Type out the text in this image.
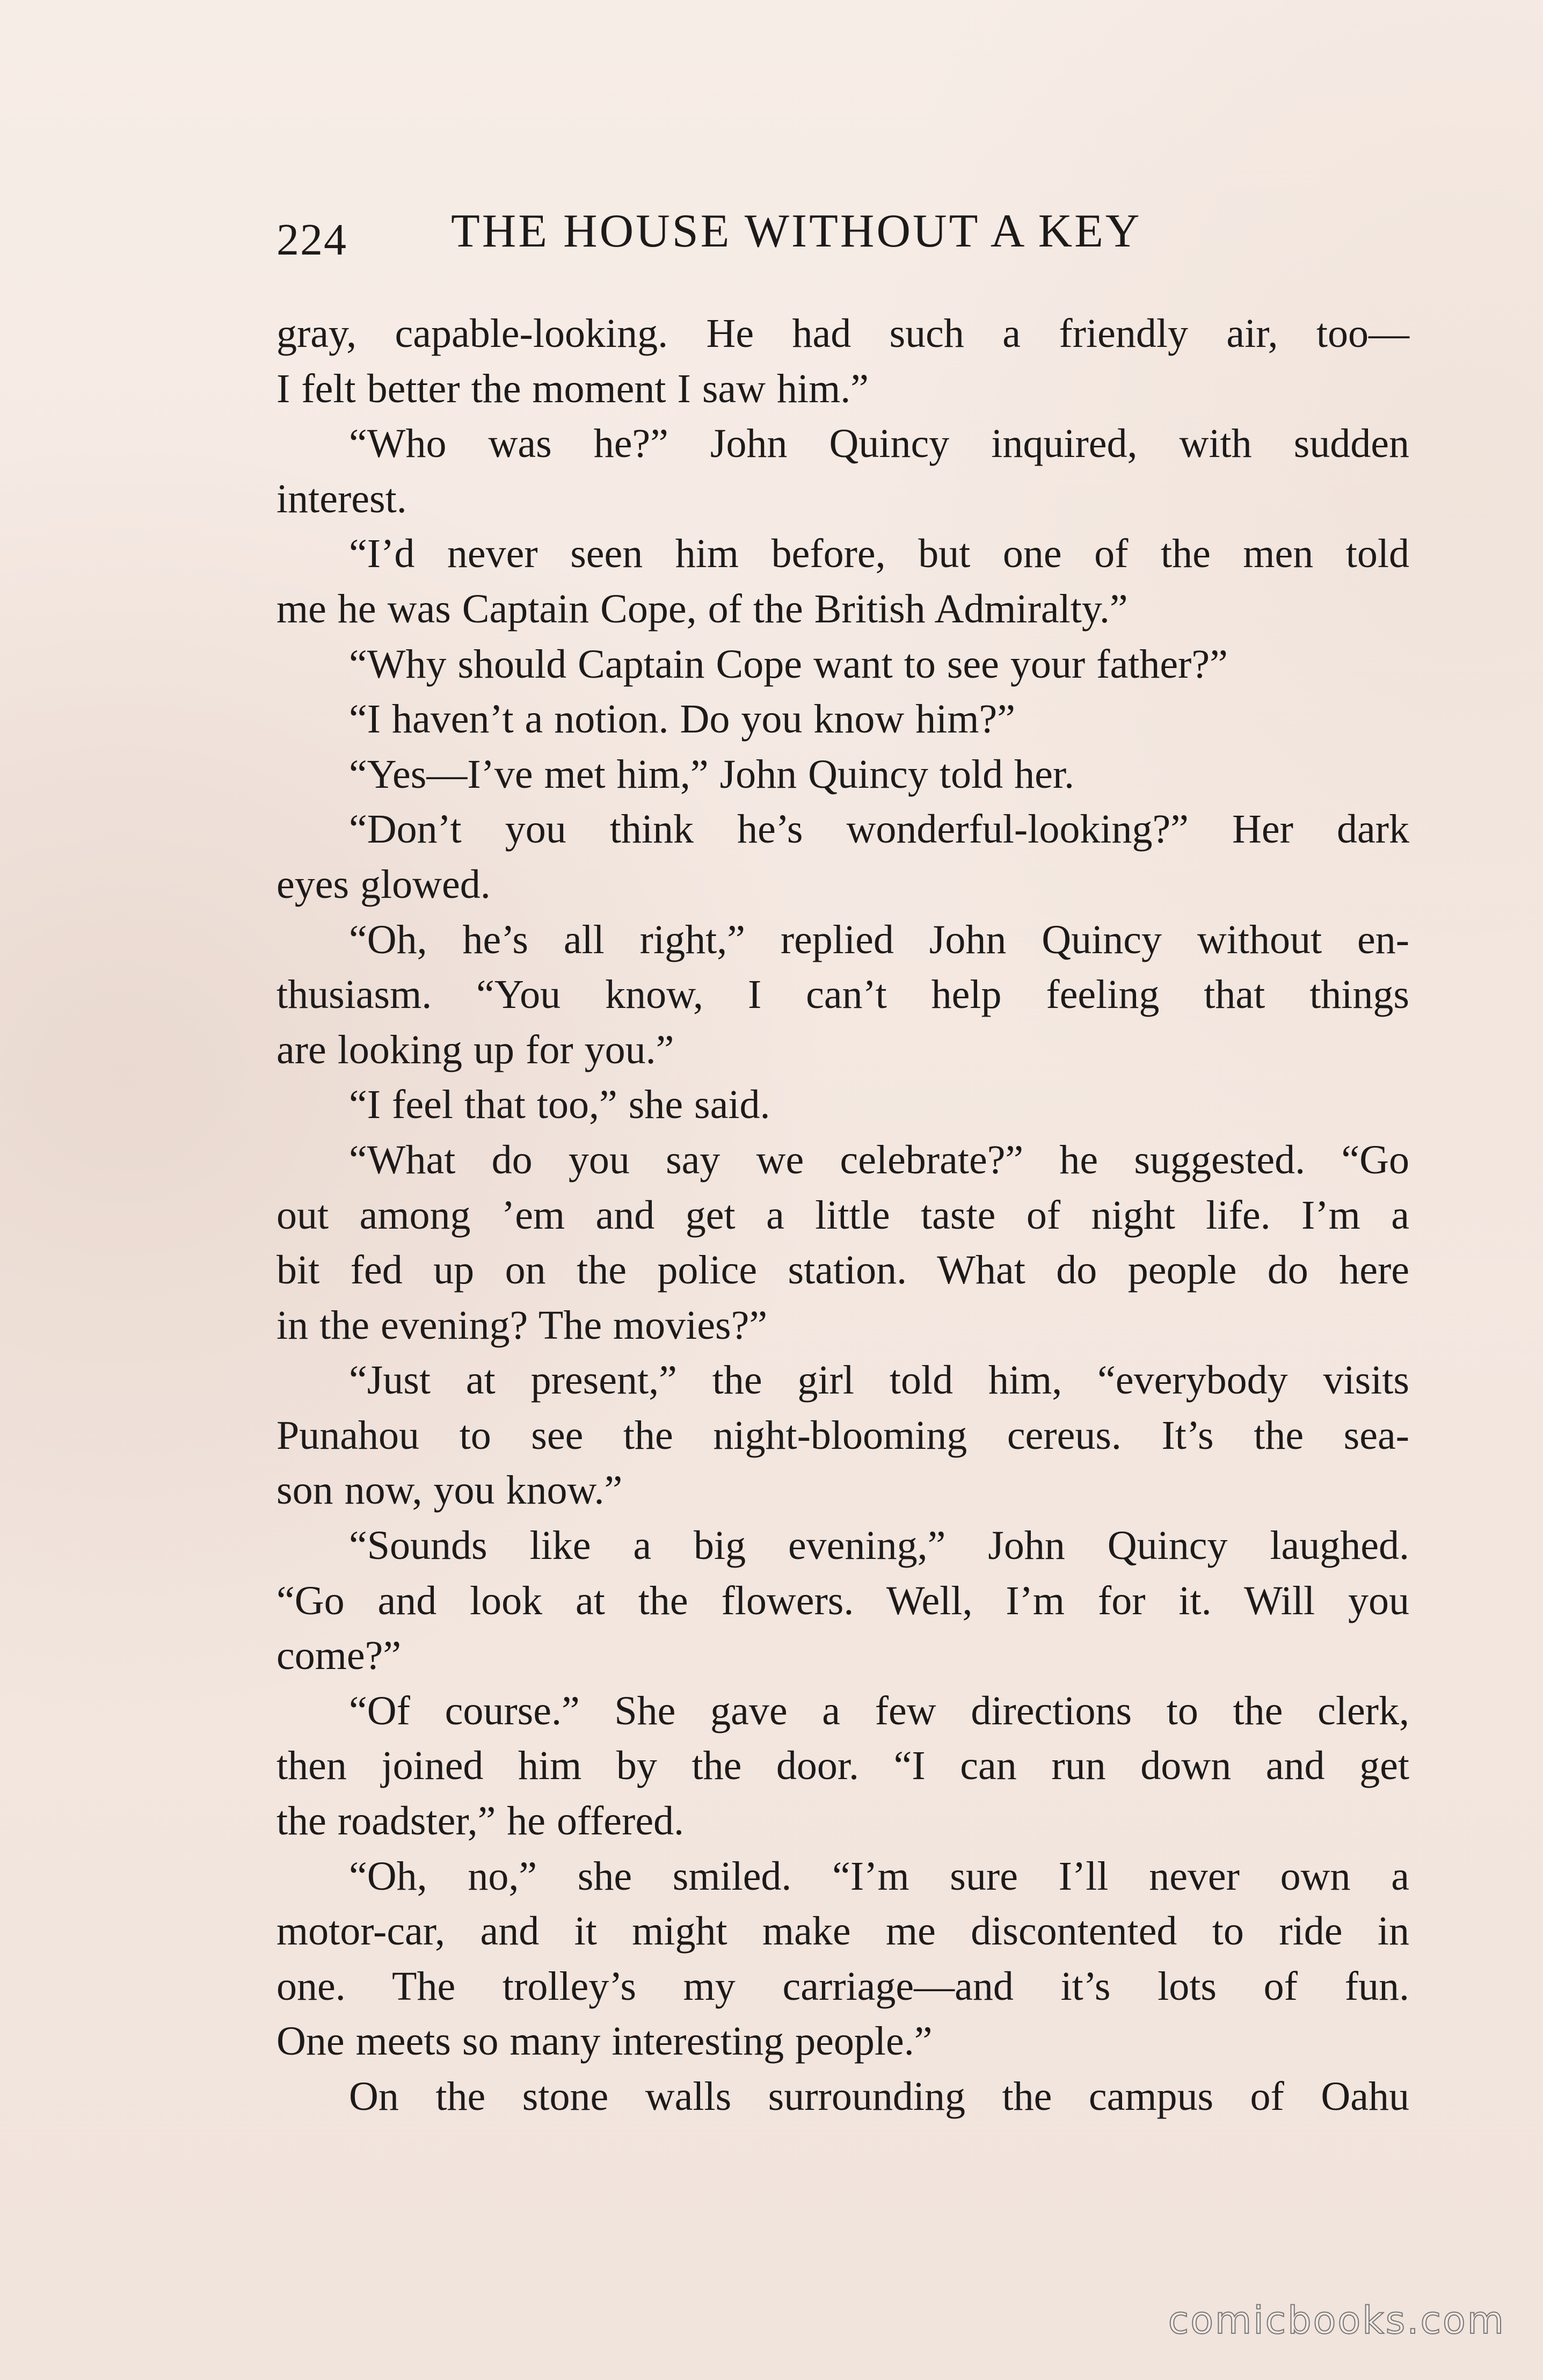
224 THE HOUSE WITHOUT A KEY
gray, capable-looking. He had such a friendly air, too—
I felt better the moment I saw him.”
“Who was he?” John Quincy inquired, with sudden
interest.
“I’d never seen him before, but one of the men told
me he was Captain Cope, of the British Admiralty.”
“Why should Captain Cope want to see your father?”
“I haven’t a notion. Do you know him?”
“Yes—I’ve met him,” John Quincy told her.
“Don’t you think he’s wonderful-looking?” Her dark
eyes glowed.
“Oh, he’s all right,” replied John Quincy without en-
thusiasm. “You know, I can’t help feeling that things
are looking up for you.”
“I feel that too,” she said.
“What do you say we celebrate?” he suggested. “Go
out among ’em and get a little taste of night life. I’m a
bit fed up on the police station. What do people do here
in the evening? The movies?”
“Just at present,” the girl told him, “everybody visits
Punahou to see the night-blooming cereus. It’s the sea-
son now, you know.”
“Sounds like a big evening,” John Quincy laughed.
“Go and look at the flowers. Well, I’m for it. Will you
come?”
“Of course.” She gave a few directions to the clerk,
then joined him by the door. “I can run down and get
the roadster,” he offered.
“Oh, no,” she smiled. “I’m sure I’ll never own a
motor-car, and it might make me discontented to ride in
one. The trolley’s my carriage—and it’s lots of fun.
One meets so many interesting people.”
On the stone walls surrounding the campus of Oahu
comicbooks.com
